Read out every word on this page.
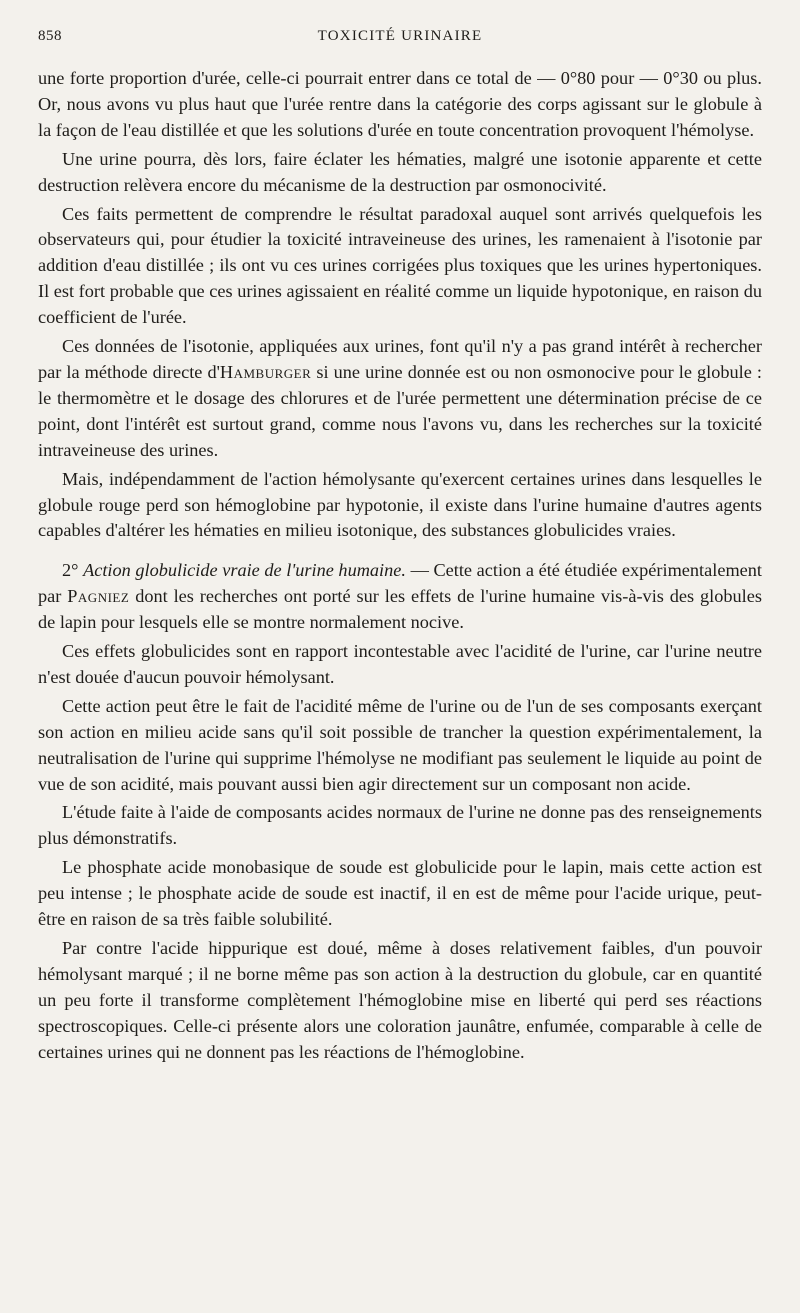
858	TOXICITÉ URINAIRE

une forte proportion d'urée, celle-ci pourrait entrer dans ce total de — 0°80 pour — 0°30 ou plus. Or, nous avons vu plus haut que l'urée rentre dans la catégorie des corps agissant sur le globule à la façon de l'eau distillée et que les solutions d'urée en toute concentration provoquent l'hémolyse.

Une urine pourra, dès lors, faire éclater les hématies, malgré une isotonie apparente et cette destruction relèvera encore du mécanisme de la destruction par osmonocivité.

Ces faits permettent de comprendre le résultat paradoxal auquel sont arrivés quelquefois les observateurs qui, pour étudier la toxicité intraveineuse des urines, les ramenaient à l'isotonie par addition d'eau distillée ; ils ont vu ces urines corrigées plus toxiques que les urines hypertoniques. Il est fort probable que ces urines agissaient en réalité comme un liquide hypotonique, en raison du coefficient de l'urée.

Ces données de l'isotonie, appliquées aux urines, font qu'il n'y a pas grand intérêt à rechercher par la méthode directe d'Hamburger si une urine donnée est ou non osmonocive pour le globule : le thermomètre et le dosage des chlorures et de l'urée permettent une détermination précise de ce point, dont l'intérêt est surtout grand, comme nous l'avons vu, dans les recherches sur la toxicité intraveineuse des urines.

Mais, indépendamment de l'action hémolysante qu'exercent certaines urines dans lesquelles le globule rouge perd son hémoglobine par hypotonie, il existe dans l'urine humaine d'autres agents capables d'altérer les hématies en milieu isotonique, des substances globulicides vraies.

2° Action globulicide vraie de l'urine humaine. — Cette action a été étudiée expérimentalement par Pagniez dont les recherches ont porté sur les effets de l'urine humaine vis-à-vis des globules de lapin pour lesquels elle se montre normalement nocive.

Ces effets globulicides sont en rapport incontestable avec l'acidité de l'urine, car l'urine neutre n'est douée d'aucun pouvoir hémolysant.

Cette action peut être le fait de l'acidité même de l'urine ou de l'un de ses composants exerçant son action en milieu acide sans qu'il soit possible de trancher la question expérimentalement, la neutralisation de l'urine qui supprime l'hémolyse ne modifiant pas seulement le liquide au point de vue de son acidité, mais pouvant aussi bien agir directement sur un composant non acide.

L'étude faite à l'aide de composants acides normaux de l'urine ne donne pas des renseignements plus démonstratifs.

Le phosphate acide monobasique de soude est globulicide pour le lapin, mais cette action est peu intense ; le phosphate acide de soude est inactif, il en est de même pour l'acide urique, peut-être en raison de sa très faible solubilité.

Par contre l'acide hippurique est doué, même à doses relativement faibles, d'un pouvoir hémolysant marqué ; il ne borne même pas son action à la destruction du globule, car en quantité un peu forte il transforme complètement l'hémoglobine mise en liberté qui perd ses réactions spectroscopiques. Celle-ci présente alors une coloration jaunâtre, enfumée, comparable à celle de certaines urines qui ne donnent pas les réactions de l'hémoglobine.
